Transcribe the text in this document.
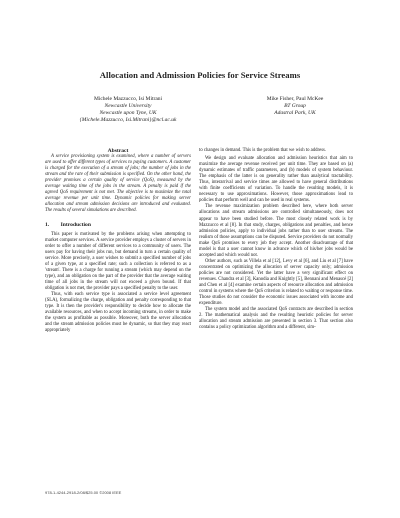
Allocation and Admission Policies for Service Streams
Michele Mazzucco, Isi Mitrani
Newcastle University
Newcastle upon Tyne, UK
{Michele.Mazzucco, Isi.Mitrani}@ncl.ac.uk
Mike Fisher, Paul McKee
BT Group
Adastral Park, UK

Abstract

A service provisioning system is examined, where a number of servers are used to offer different types of services to paying customers. A customer is charged for the execution of a stream of jobs; the number of jobs in the stream and the rate of their submission is specified. On the other hand, the provider promises a certain quality of service (QoS), measured by the average waiting time of the jobs in the stream. A penalty is paid if the agreed QoS requirement is not met. The objective is to maximize the total average revenue per unit time. Dynamic policies for making server allocation and stream admission decisions are introduced and evaluated. The results of several simulations are described.

1. Introduction

This paper is motivated by the problems arising when attempting to market computer services. A service provider employs a cluster of servers in order to offer a number of different services to a community of users. The users pay for having their jobs run, but demand in turn a certain quality of service. More precisely, a user wishes to submit a specified number of jobs of a given type, at a specified rate; such a collection is referred to as a 'stream'. There is a charge for running a stream (which may depend on the type), and an obligation on the part of the provider that the average waiting time of all jobs in the stream will not exceed a given bound. If that obligation is not met, the provider pays a specified penalty to the user.

Thus, with each service type is associated a service level agreement (SLA), formalizing the charge, obligation and penalty corresponding to that type. It is then the provider's responsibility to decide how to allocate the available resources, and when to accept incoming streams, in order to make the system as profitable as possible. Moreover, both the server allocation and the stream admission policies must be dynamic, so that they may react appropriately

to changes in demand. This is the problem that we wish to address.

We design and evaluate allocation and admission heuristics that aim to maximize the average revenue received per unit time. They are based on (a) dynamic estimates of traffic parameters, and (b) models of system behaviour. The emphasis of the latter is on generality rather than analytical tractability. Thus, interarrival and service times are allowed to have general distributions with finite coefficients of variation. To handle the resulting models, it is necessary to use approximations. However, those approximations lead to policies that perform well and can be used in real systems.

The revenue maximization problem described here, where both server allocations and stream admissions are controlled simultaneously, does not appear to have been studied before. The most closely related work is by Mazzucco et al [8]. In that study, charges, obligations and penalties, and hence admission policies, apply to individual jobs rather than to user streams. The realism of those assumptions can be disputed. Service providers do not normally make QoS promises to every job they accept. Another disadvantage of that model is that a user cannot know in advance which of his/her jobs would be accepted and which would not.

Other authors, such as Villela et al [12], Levy et al [6], and Liu et al [7] have concentrated on optimizing the allocation of server capacity only; admission policies are not considered. Yet the latter have a very significant effect on revenues. Chandra et al [3], Kanodia and Knightly [5], Bennani and Menascé [2] and Chen et al [4] examine certain aspects of resource allocation and admission control in systems where the QoS criterion is related to waiting or response time. Those studies do not consider the economic issues associated with income and expenditure.

The system model and the associated QoS contracts are described in section 2. The mathematical analysis and the resulting heuristic policies for server allocation and stream admission are presented in section 3. That section also contains a policy optimization algorithm and a different, sim-

978-1-4244-2918-2/08/$25.00 ©2008 IEEE
